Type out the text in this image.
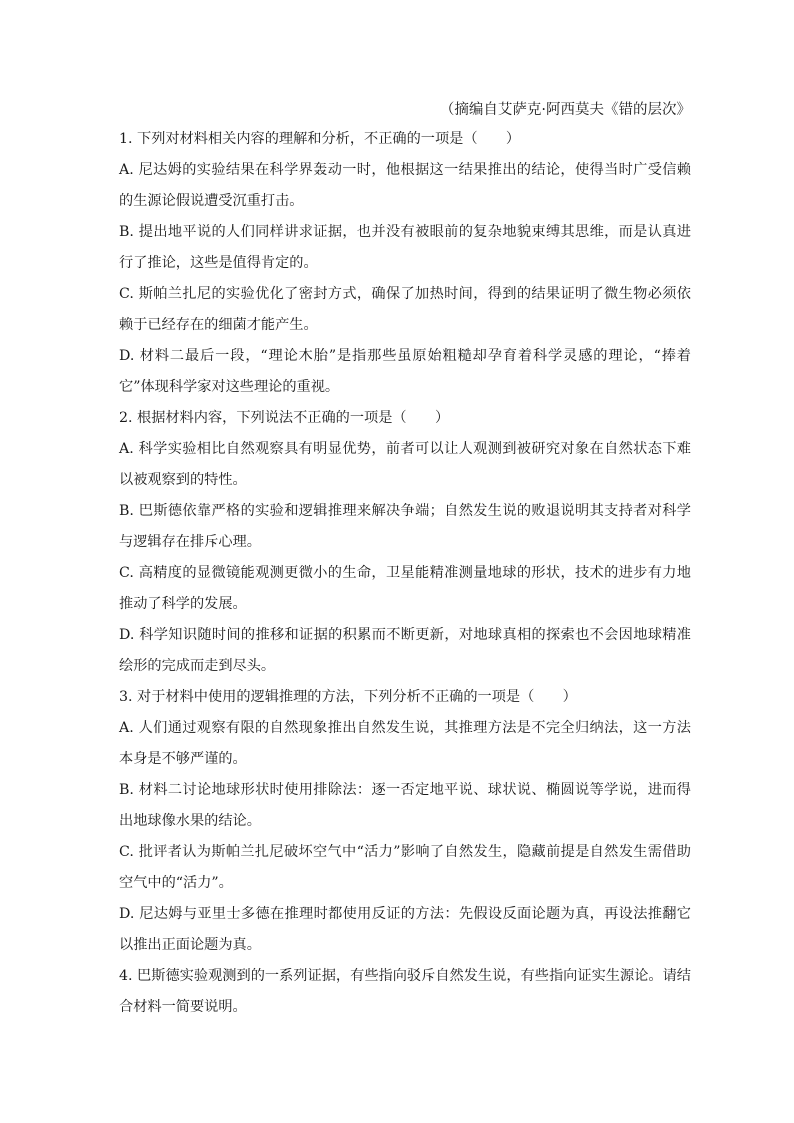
（摘编自艾萨克·阿西莫夫《错的层次》

1. 下列对材料相关内容的理解和分析，不正确的一项是（　　）

A. 尼达姆的实验结果在科学界轰动一时，他根据这一结果推出的结论，使得当时广受信赖的生源论假说遭受沉重打击。

B. 提出地平说的人们同样讲求证据，也并没有被眼前的复杂地貌束缚其思维，而是认真进行了推论，这些是值得肯定的。

C. 斯帕兰扎尼的实验优化了密封方式，确保了加热时间，得到的结果证明了微生物必须依赖于已经存在的细菌才能产生。

D. 材料二最后一段，“理论木胎”是指那些虽原始粗糙却孕育着科学灵感的理论，“捧着它”体现科学家对这些理论的重视。

2. 根据材料内容，下列说法不正确的一项是（　　）

A. 科学实验相比自然观察具有明显优势，前者可以让人观测到被研究对象在自然状态下难以被观察到的特性。

B. 巴斯德依靠严格的实验和逻辑推理来解决争端；自然发生说的败退说明其支持者对科学与逻辑存在排斥心理。

C. 高精度的显微镜能观测更微小的生命，卫星能精准测量地球的形状，技术的进步有力地推动了科学的发展。

D. 科学知识随时间的推移和证据的积累而不断更新，对地球真相的探索也不会因地球精准绘形的完成而走到尽头。

3. 对于材料中使用的逻辑推理的方法，下列分析不正确的一项是（　　）

A. 人们通过观察有限的自然现象推出自然发生说，其推理方法是不完全归纳法，这一方法本身是不够严谨的。

B. 材料二讨论地球形状时使用排除法：逐一否定地平说、球状说、椭圆说等学说，进而得出地球像水果的结论。

C. 批评者认为斯帕兰扎尼破坏空气中“活力”影响了自然发生，隐藏前提是自然发生需借助空气中的“活力”。

D. 尼达姆与亚里士多德在推理时都使用反证的方法：先假设反面论题为真，再设法推翻它以推出正面论题为真。

4. 巴斯德实验观测到的一系列证据，有些指向驳斥自然发生说，有些指向证实生源论。请结合材料一简要说明。
